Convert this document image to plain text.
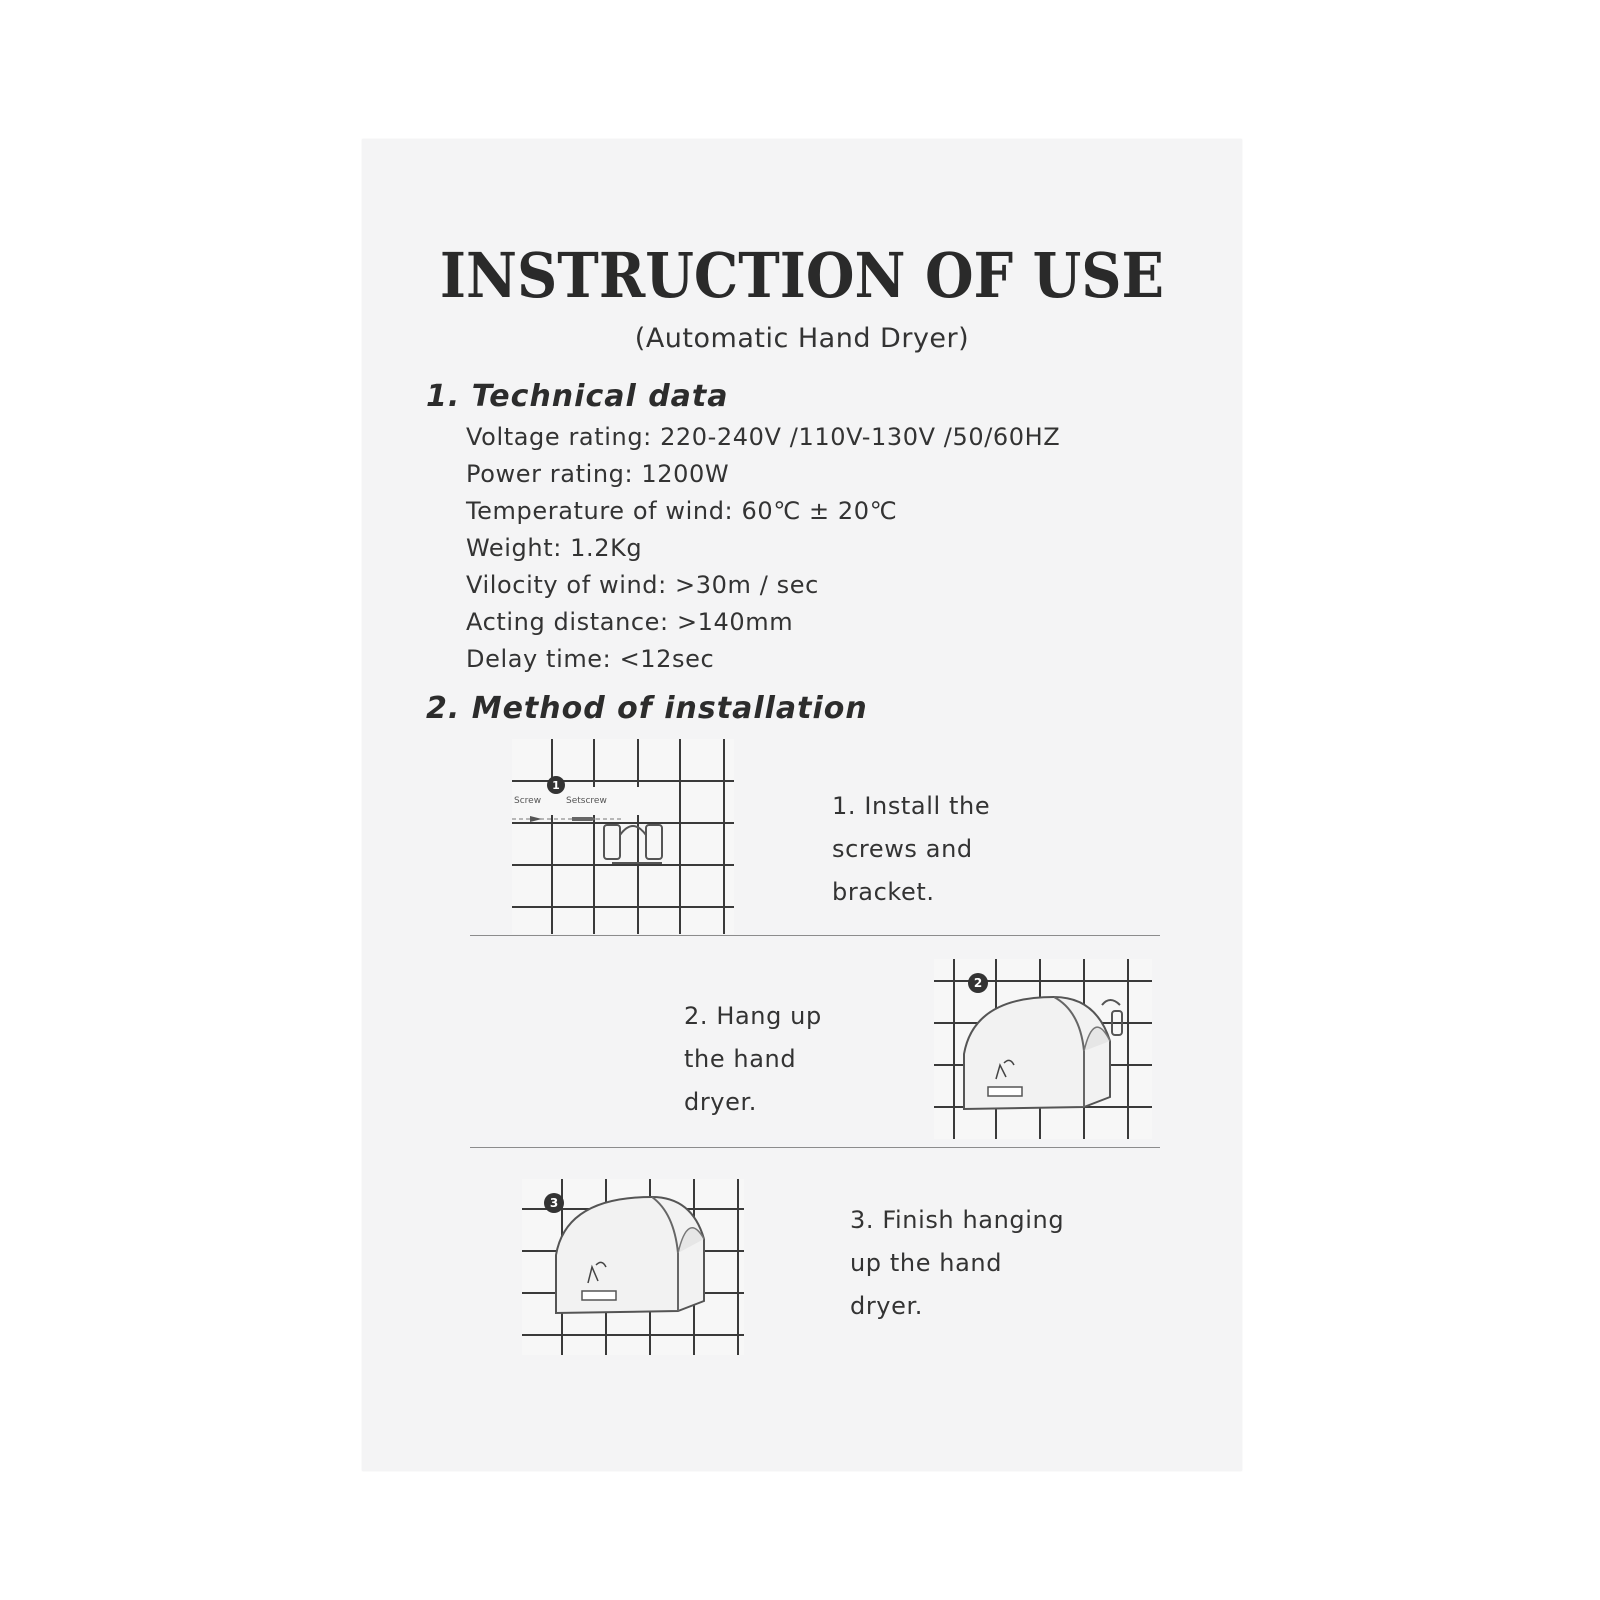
INSTRUCTION OF USE
(Automatic Hand Dryer)
1. Technical data
Voltage rating: 220-240V /110V-130V /50/60HZ
Power rating: 1200W
Temperature of wind: 60℃ ± 20℃
Weight: 1.2Kg
Vilocity of wind: >30m / sec
Acting distance: >140mm
Delay time: <12sec
2. Method of installation
1
Screw	Setscrew	1. Install the
screws and
bracket.
2. Hang up
the hand
dryer.
2
3
3. Finish hanging
up the hand
dryer.
